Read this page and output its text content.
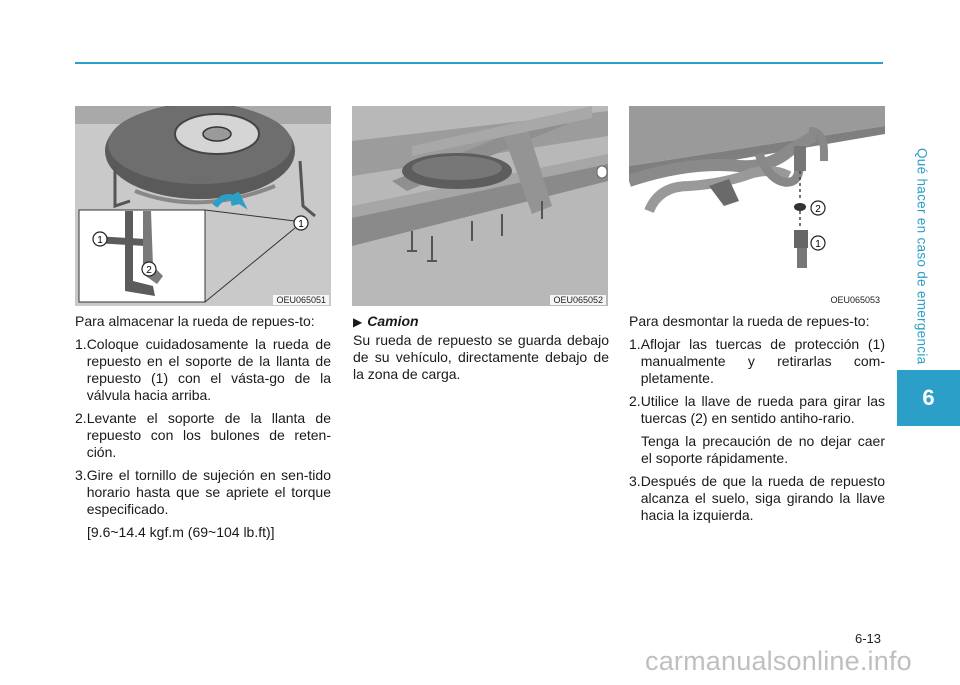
Qué hacer en caso de emergencia
6
1
2
1
OEU065051	OEU065052
2
1
OEU065053

Para almacenar la rueda de repues-to:

1. Coloque cuidadosamente la rueda de repuesto en el soporte de la llanta de repuesto (1) con el vásta-go de la válvula hacia arriba.
2. Levante el soporte de la llanta de repuesto con los bulones de reten-ción.
3. Gire el tornillo de sujeción en sen-tido horario hasta que se apriete el torque especificado.
[9.6~14.4 kgf.m (69~104 lb.ft)]
▶ Camion

Su rueda de repuesto se guarda debajo de su vehículo, directamente debajo de la zona de carga.

Para desmontar la rueda de repues-to:

1. Aflojar las tuercas de protección (1) manualmente y retirarlas com-pletamente.
2. Utilice la llave de rueda para girar las tuercas (2) en sentido antiho-rario.
Tenga la precaución de no dejar caer el soporte rápidamente.
3. Después de que la rueda de repuesto alcanza el suelo, siga girando la llave hacia la izquierda.
6-13
carmanualsonline.info
